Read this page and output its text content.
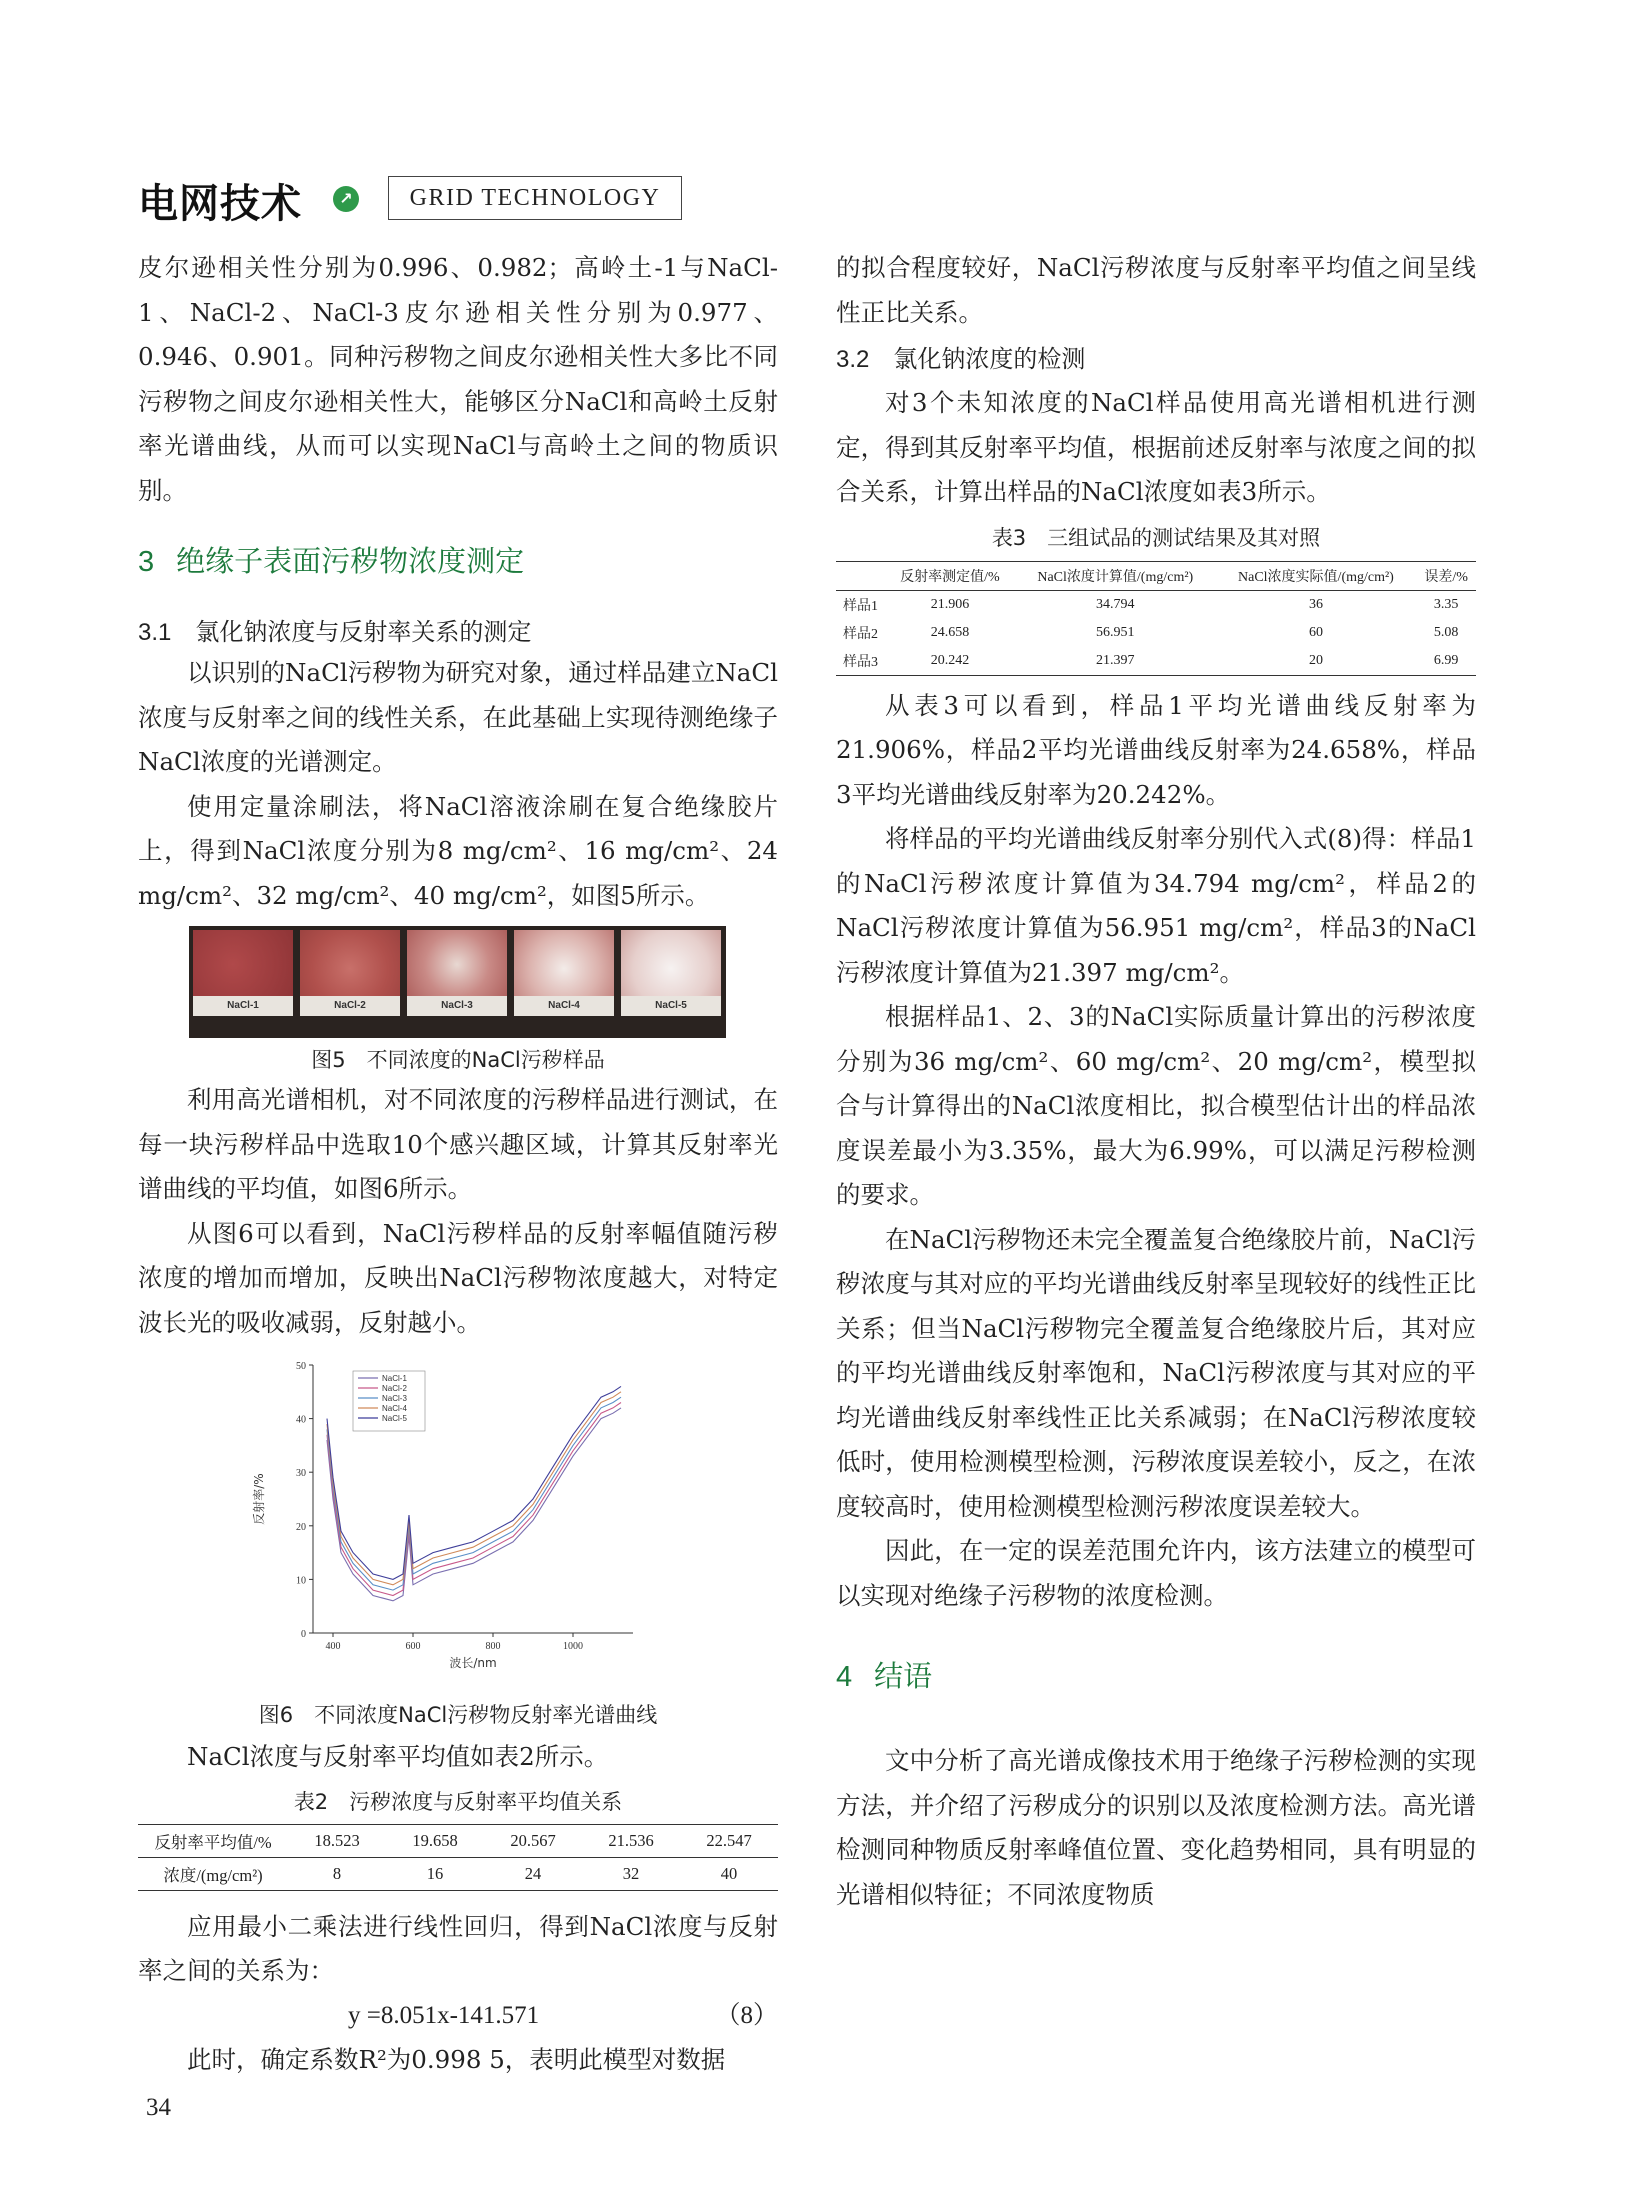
电网技术	↗	GRID TECHNOLOGY

皮尔逊相关性分别为0.996、0.982；高岭土-1与NaCl-1、NaCl-2、NaCl-3皮尔逊相关性分别为0.977、0.946、0.901。同种污秽物之间皮尔逊相关性大多比不同污秽物之间皮尔逊相关性大，能够区分NaCl和高岭土反射率光谱曲线，从而可以实现NaCl与高岭土之间的物质识别。

3 绝缘子表面污秽物浓度测定
3.1 氯化钠浓度与反射率关系的测定

以识别的NaCl污秽物为研究对象，通过样品建立NaCl浓度与反射率之间的线性关系，在此基础上实现待测绝缘子NaCl浓度的光谱测定。

使用定量涂刷法，将NaCl溶液涂刷在复合绝缘胶片上，得到NaCl浓度分别为8 mg/cm²、16 mg/cm²、24 mg/cm²、32 mg/cm²、40 mg/cm²，如图5所示。

NaCl-1	NaCl-2	NaCl-3	NaCl-4	NaCl-5
图5　不同浓度的NaCl污秽样品

利用高光谱相机，对不同浓度的污秽样品进行测试，在每一块污秽样品中选取10个感兴趣区域，计算其反射率光谱曲线的平均值，如图6所示。

从图6可以看到，NaCl污秽样品的反射率幅值随污秽浓度的增加而增加，反映出NaCl污秽物浓度越大，对特定波长光的吸收减弱，反射越小。

0
10
20
30
40
50
400	600	800	1000
波长/nm
反射率/%
NaCl-1
NaCl-2
NaCl-3
NaCl-4
NaCl-5
图6　不同浓度NaCl污秽物反射率光谱曲线

NaCl浓度与反射率平均值如表2所示。

表2　污秽浓度与反射率平均值关系
反射率平均值/%	18.523	19.658	20.567	21.536	22.547
浓度/(mg/cm²)	8	16	24	32	40

应用最小二乘法进行线性回归，得到NaCl浓度与反射率之间的关系为：

y =8.051x-141.571	（8）

此时，确定系数R²为0.998 5，表明此模型对数据

的拟合程度较好，NaCl污秽浓度与反射率平均值之间呈线性正比关系。

3.2 氯化钠浓度的检测

对3个未知浓度的NaCl样品使用高光谱相机进行测定，得到其反射率平均值，根据前述反射率与浓度之间的拟合关系，计算出样品的NaCl浓度如表3所示。

表3　三组试品的测试结果及其对照
	反射率测定值/%	NaCl浓度计算值/(mg/cm²)	NaCl浓度实际值/(mg/cm²)	误差/%
样品1	21.906	34.794	36	3.35
样品2	24.658	56.951	60	5.08
样品3	20.242	21.397	20	6.99

从表3可以看到，样品1平均光谱曲线反射率为21.906%，样品2平均光谱曲线反射率为24.658%，样品3平均光谱曲线反射率为20.242%。

将样品的平均光谱曲线反射率分别代入式(8)得：样品1的NaCl污秽浓度计算值为34.794 mg/cm²，样品2的NaCl污秽浓度计算值为56.951 mg/cm²，样品3的NaCl污秽浓度计算值为21.397 mg/cm²。

根据样品1、2、3的NaCl实际质量计算出的污秽浓度分别为36 mg/cm²、60 mg/cm²、20 mg/cm²，模型拟合与计算得出的NaCl浓度相比，拟合模型估计出的样品浓度误差最小为3.35%，最大为6.99%，可以满足污秽检测的要求。

在NaCl污秽物还未完全覆盖复合绝缘胶片前，NaCl污秽浓度与其对应的平均光谱曲线反射率呈现较好的线性正比关系；但当NaCl污秽物完全覆盖复合绝缘胶片后，其对应的平均光谱曲线反射率饱和，NaCl污秽浓度与其对应的平均光谱曲线反射率线性正比关系减弱；在NaCl污秽浓度较低时，使用检测模型检测，污秽浓度误差较小，反之，在浓度较高时，使用检测模型检测污秽浓度误差较大。

因此，在一定的误差范围允许内，该方法建立的模型可以实现对绝缘子污秽物的浓度检测。

4 结语

文中分析了高光谱成像技术用于绝缘子污秽检测的实现方法，并介绍了污秽成分的识别以及浓度检测方法。高光谱检测同种物质反射率峰值位置、变化趋势相同，具有明显的光谱相似特征；不同浓度物质

34
